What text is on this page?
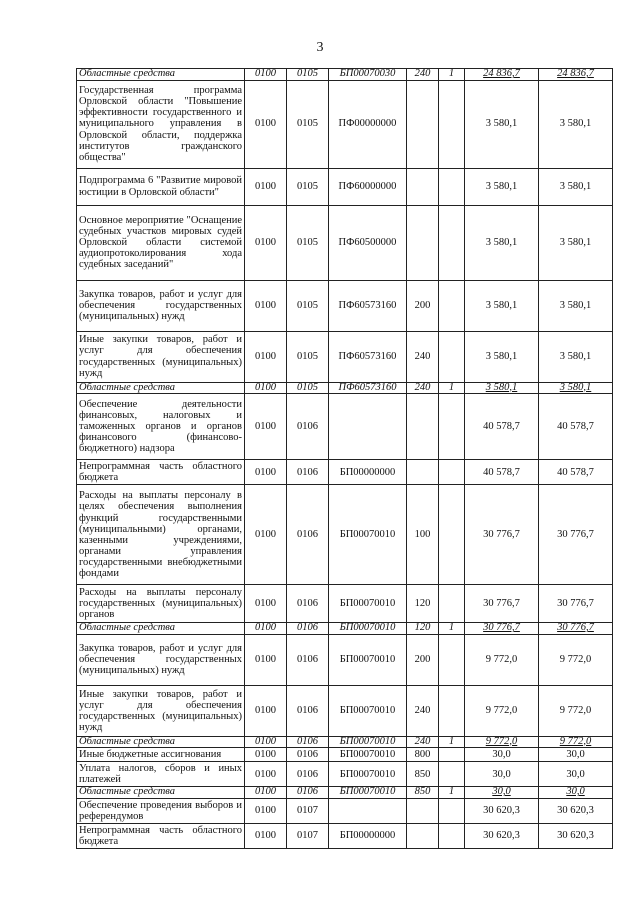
3
Областные средства	0100	0105	БП00070030	240	1	24 836,7	24 836,7
Государственная программа Орловской области "Повышение эффективности государственного и муниципального управления в Орловской области, поддержка институтов гражданского общества"	0100	0105	ПФ00000000			3 580,1	3 580,1
Подпрограмма 6 "Развитие мировой юстиции в Орловской области"	0100	0105	ПФ60000000			3 580,1	3 580,1
Основное мероприятие "Оснащение судебных участков мировых судей Орловской области системой аудиопротоколирования хода судебных заседаний"	0100	0105	ПФ60500000			3 580,1	3 580,1
Закупка товаров, работ и услуг для обеспечения государственных (муниципальных) нужд	0100	0105	ПФ60573160	200		3 580,1	3 580,1
Иные закупки товаров, работ и услуг для обеспечения государственных (муниципальных) нужд	0100	0105	ПФ60573160	240		3 580,1	3 580,1
Областные средства	0100	0105	ПФ60573160	240	1	3 580,1	3 580,1
Обеспечение деятельности финансовых, налоговых и таможенных органов и органов финансового (финансово-бюджетного) надзора	0100	0106				40 578,7	40 578,7
Непрограммная часть областного бюджета	0100	0106	БП00000000			40 578,7	40 578,7
Расходы на выплаты персоналу в целях обеспечения выполнения функций государственными (муниципальными) органами, казенными учреждениями, органами управления государственными внебюджетными фондами	0100	0106	БП00070010	100		30 776,7	30 776,7
Расходы на выплаты персоналу государственных (муниципальных) органов	0100	0106	БП00070010	120		30 776,7	30 776,7
Областные средства	0100	0106	БП00070010	120	1	30 776,7	30 776,7
Закупка товаров, работ и услуг для обеспечения государственных (муниципальных) нужд	0100	0106	БП00070010	200		9 772,0	9 772,0
Иные закупки товаров, работ и услуг для обеспечения государственных (муниципальных) нужд	0100	0106	БП00070010	240		9 772,0	9 772,0
Областные средства	0100	0106	БП00070010	240	1	9 772,0	9 772,0
Иные бюджетные ассигнования	0100	0106	БП00070010	800		30,0	30,0
Уплата налогов, сборов и иных платежей	0100	0106	БП00070010	850		30,0	30,0
Областные средства	0100	0106	БП00070010	850	1	30,0	30,0
Обеспечение проведения выборов и референдумов	0100	0107				30 620,3	30 620,3
Непрограммная часть областного бюджета	0100	0107	БП00000000			30 620,3	30 620,3
